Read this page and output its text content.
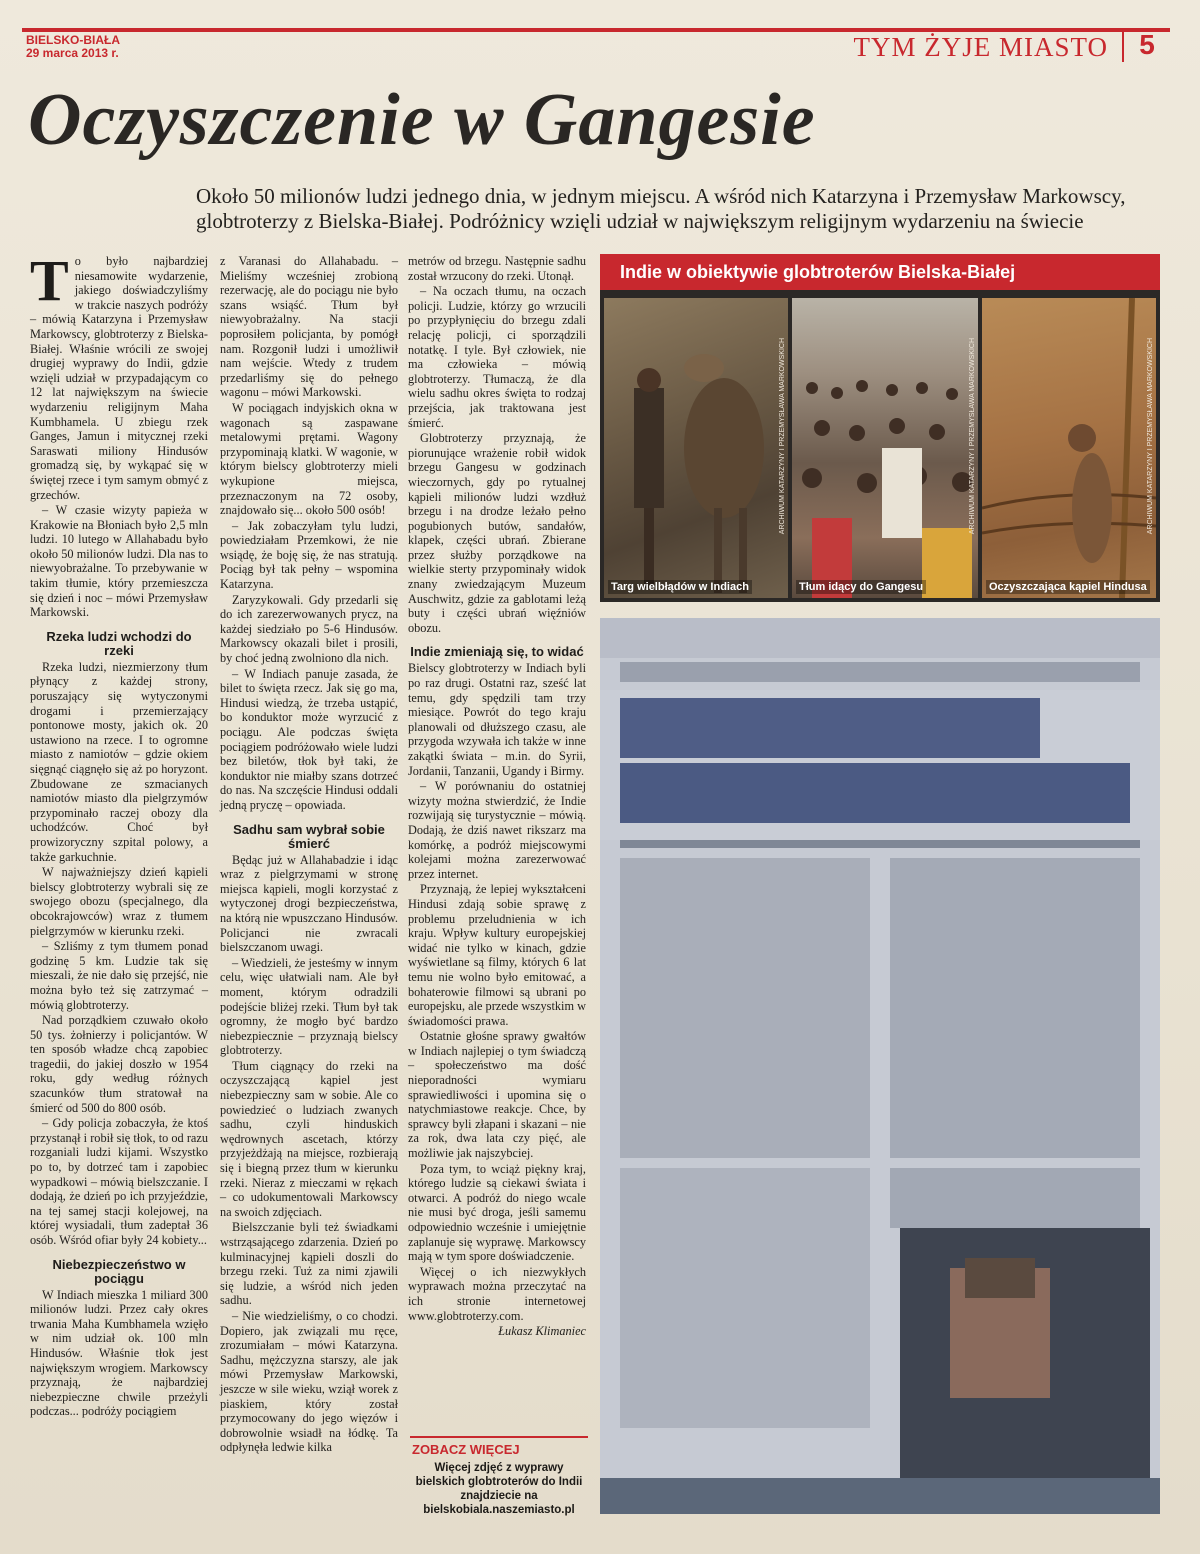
BIELSKO-BIAŁA
29 marca 2013 r.	TYM ŻYJE MIASTO	5
Oczyszczenie w Gangesie
Około 50 milionów ludzi jednego dnia, w jednym miejscu. A wśród nich Katarzyna i Przemysław Markowscy, globtroterzy z Bielska-Białej. Podróżnicy wzięli udział w największym religijnym wydarzeniu na świecie

To było najbardziej niesamowite wydarzenie, jakiego doświadczyliśmy w trakcie naszych podróży – mówią Katarzyna i Przemysław Markowscy, globtroterzy z Bielska-Białej. Właśnie wrócili ze swojej drugiej wyprawy do Indii, gdzie wzięli udział w przypadającym co 12 lat największym na świecie wydarzeniu religijnym Maha Kumbhamela. U zbiegu rzek Ganges, Jamun i mitycznej rzeki Saraswati miliony Hindusów gromadzą się, by wykąpać się w świętej rzece i tym samym obmyć z grzechów.

– W czasie wizyty papieża w Krakowie na Błoniach było 2,5 mln ludzi. 10 lutego w Allahabadu było około 50 milionów ludzi. Dla nas to niewyobrażalne. To przebywanie w takim tłumie, który przemieszcza się dzień i noc – mówi Przemysław Markowski.

Rzeka ludzi wchodzi do rzeki

Rzeka ludzi, niezmierzony tłum płynący z każdej strony, poruszający się wytyczonymi drogami i przemierzający pontonowe mosty, jakich ok. 20 ustawiono na rzece. I to ogromne miasto z namiotów – gdzie okiem sięgnąć ciągnęło się aż po horyzont. Zbudowane ze szmacianych namiotów miasto dla pielgrzymów przypominało raczej obozy dla uchodźców. Choć był prowizoryczny szpital polowy, a także garkuchnie.

W najważniejszy dzień kąpieli bielscy globtroterzy wybrali się ze swojego obozu (specjalnego, dla obcokrajowców) wraz z tłumem pielgrzymów w kierunku rzeki.

– Szliśmy z tym tłumem ponad godzinę 5 km. Ludzie tak się mieszali, że nie dało się przejść, nie można było też się zatrzymać – mówią globtroterzy.

Nad porządkiem czuwało około 50 tys. żołnierzy i policjantów. W ten sposób władze chcą zapobiec tragedii, do jakiej doszło w 1954 roku, gdy według różnych szacunków tłum stratował na śmierć od 500 do 800 osób.

– Gdy policja zobaczyła, że ktoś przystanął i robił się tłok, to od razu rozganiali ludzi kijami. Wszystko po to, by dotrzeć tam i zapobiec wypadkowi – mówią bielszczanie. I dodają, że dzień po ich przyjeździe, na tej samej stacji kolejowej, na której wysiadali, tłum zadeptał 36 osób. Wśród ofiar były 24 kobiety...

Niebezpieczeństwo w pociągu

W Indiach mieszka 1 miliard 300 milionów ludzi. Przez cały okres trwania Maha Kumbhamela wzięło w nim udział ok. 100 mln Hindusów. Właśnie tłok jest największym wrogiem. Markowscy przyznają, że najbardziej niebezpieczne chwile przeżyli podczas... podróży pociągiem

z Varanasi do Allahabadu. – Mieliśmy wcześniej zrobioną rezerwację, ale do pociągu nie było szans wsiąść. Tłum był niewyobrażalny. Na stacji poprosiłem policjanta, by pomógł nam. Rozgonił ludzi i umożliwił nam wejście. Wtedy z trudem przedarliśmy się do pełnego wagonu – mówi Markowski.

W pociągach indyjskich okna w wagonach są zaspawane metalowymi prętami. Wagony przypominają klatki. W wagonie, w którym bielscy globtroterzy mieli wykupione miejsca, przeznaczonym na 72 osoby, znajdowało się... około 500 osób!

– Jak zobaczyłam tylu ludzi, powiedziałam Przemkowi, że nie wsiądę, że boję się, że nas stratują. Pociąg był tak pełny – wspomina Katarzyna.

Zaryzykowali. Gdy przedarli się do ich zarezerwowanych prycz, na każdej siedziało po 5-6 Hindusów. Markowscy okazali bilet i prosili, by choć jedną zwolniono dla nich.

– W Indiach panuje zasada, że bilet to święta rzecz. Jak się go ma, Hindusi wiedzą, że trzeba ustąpić, bo konduktor może wyrzucić z pociągu. Ale podczas święta pociągiem podróżowało wiele ludzi bez biletów, tłok był taki, że konduktor nie miałby szans dotrzeć do nas. Na szczęście Hindusi oddali jedną pryczę – opowiada.

Sadhu sam wybrał sobie śmierć

Będąc już w Allahabadzie i idąc wraz z pielgrzymami w stronę miejsca kąpieli, mogli korzystać z wytyczonej drogi bezpieczeństwa, na którą nie wpuszczano Hindusów. Policjanci nie zwracali bielszczanom uwagi.

– Wiedzieli, że jesteśmy w innym celu, więc ułatwiali nam. Ale był moment, którym odradzili podejście bliżej rzeki. Tłum był tak ogromny, że mogło być bardzo niebezpiecznie – przyznają bielscy globtroterzy.

Tłum ciągnący do rzeki na oczyszczającą kąpiel jest niebezpieczny sam w sobie. Ale co powiedzieć o ludziach zwanych sadhu, czyli hinduskich wędrownych ascetach, którzy przyjeżdżają na miejsce, rozbierają się i biegną przez tłum w kierunku rzeki. Nieraz z mieczami w rękach – co udokumentowali Markowscy na swoich zdjęciach.

Bielszczanie byli też świadkami wstrząsającego zdarzenia. Dzień po kulminacyjnej kąpieli doszli do brzegu rzeki. Tuż za nimi zjawili się ludzie, a wśród nich jeden sadhu.

– Nie wiedzieliśmy, o co chodzi. Dopiero, jak związali mu ręce, zrozumiałam – mówi Katarzyna. Sadhu, mężczyzna starszy, ale jak mówi Przemysław Markowski, jeszcze w sile wieku, wziął worek z piaskiem, który został przymocowany do jego więzów i dobrowolnie wsiadł na łódkę. Ta odpłynęła ledwie kilka

metrów od brzegu. Następnie sadhu został wrzucony do rzeki. Utonął.

– Na oczach tłumu, na oczach policji. Ludzie, którzy go wrzucili po przypłynięciu do brzegu zdali relację policji, ci sporządzili notatkę. I tyle. Był człowiek, nie ma człowieka – mówią globtroterzy. Tłumaczą, że dla wielu sadhu okres święta to rodzaj przejścia, jak traktowana jest śmierć.

Globtroterzy przyznają, że piorunujące wrażenie robił widok brzegu Gangesu w godzinach wieczornych, gdy po rytualnej kąpieli milionów ludzi wzdłuż brzegu i na drodze leżało pełno pogubionych butów, sandałów, klapek, części ubrań. Zbierane przez służby porządkowe na wielkie sterty przypominały widok znany zwiedzającym Muzeum Auschwitz, gdzie za gablotami leżą buty i części ubrań więźniów obozu.

Indie zmieniają się, to widać

Bielscy globtroterzy w Indiach byli po raz drugi. Ostatni raz, sześć lat temu, gdy spędzili tam trzy miesiące. Powrót do tego kraju planowali od dłuższego czasu, ale przygoda wzywała ich także w inne zakątki świata – m.in. do Syrii, Jordanii, Tanzanii, Ugandy i Birmy.

– W porównaniu do ostatniej wizyty można stwierdzić, że Indie rozwijają się turystycznie – mówią. Dodają, że dziś nawet rikszarz ma komórkę, a podróż miejscowymi kolejami można zarezerwować przez internet.

Przyznają, że lepiej wykształceni Hindusi zdają sobie sprawę z problemu przeludnienia w ich kraju. Wpływ kultury europejskiej widać nie tylko w kinach, gdzie wyświetlane są filmy, których 6 lat temu nie wolno było emitować, a bohaterowie filmowi są ubrani po europejsku, ale przede wszystkim w świadomości prawa.

Ostatnie głośne sprawy gwałtów w Indiach najlepiej o tym świadczą – społeczeństwo ma dość nieporadności wymiaru sprawiedliwości i upomina się o natychmiastowe reakcje. Chce, by sprawcy byli złapani i skazani – nie za rok, dwa lata czy pięć, ale możliwie jak najszybciej.

Poza tym, to wciąż piękny kraj, którego ludzie są ciekawi świata i otwarci. A podróż do niego wcale nie musi być droga, jeśli samemu odpowiednio wcześnie i umiejętnie zaplanuje się wyprawę. Markowscy mają w tym spore doświadczenie.

Więcej o ich niezwykłych wyprawach można przeczytać na ich stronie internetowej www.globtroterzy.com.

Łukasz Klimaniec

ZOBACZ WIĘCEJ
Więcej zdjęć z wyprawy bielskich globtroterów do Indii znajdziecie na bielskobiala.naszemiasto.pl
Indie w obiektywie globtroterów Bielska-Białej
ARCHIWUM KATARZYNY I PRZEMYSŁAWA MARKOWSKICH
Targ wielbłądów w Indiach
ARCHIWUM KATARZYNY I PRZEMYSŁAWA MARKOWSKICH
Tłum idący do Gangesu
ARCHIWUM KATARZYNY I PRZEMYSŁAWA MARKOWSKICH
Oczyszczająca kąpiel Hindusa
